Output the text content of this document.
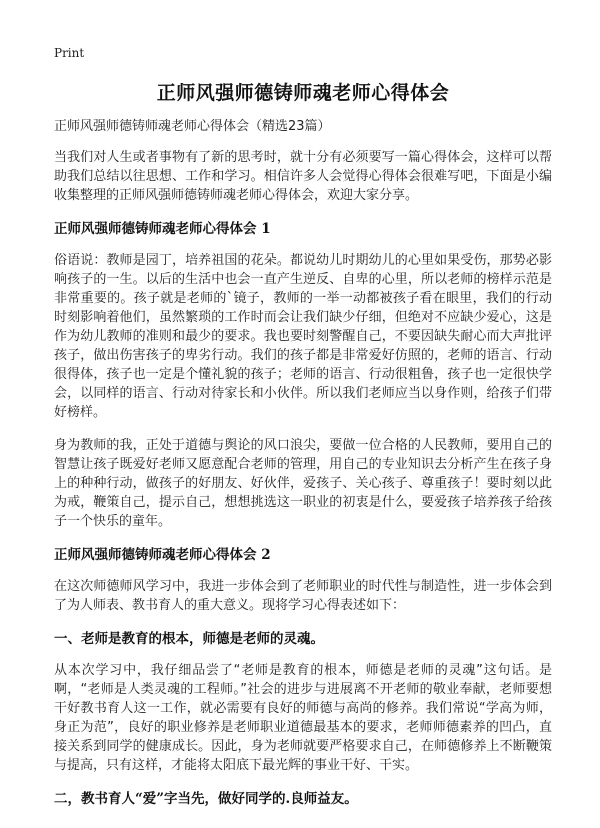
Print
正师风强师德铸师魂老师心得体会

正师风强师德铸师魂老师心得体会（精选23篇）

当我们对人生或者事物有了新的思考时，就十分有必须要写一篇心得体会，这样可以帮助我们总结以往思想、工作和学习。相信许多人会觉得心得体会很难写吧，下面是小编收集整理的正师风强师德铸师魂老师心得体会，欢迎大家分享。

正师风强师德铸师魂老师心得体会 1

俗语说：教师是园丁，培养祖国的花朵。都说幼儿时期幼儿的心里如果受伤，那势必影响孩子的一生。以后的生活中也会一直产生逆反、自卑的心里，所以老师的榜样示范是非常重要的。孩子就是老师的`镜子，教师的一举一动都被孩子看在眼里，我们的行动时刻影响着他们，虽然繁琐的工作时而会让我们缺少仔细，但绝对不应缺少爱心，这是作为幼儿教师的准则和最少的要求。我也要时刻警醒自己，不要因缺失耐心而大声批评孩子，做出伤害孩子的卑劣行动。我们的孩子都是非常爱好仿照的，老师的语言、行动很得体，孩子也一定是个懂礼貌的孩子；老师的语言、行动很粗鲁，孩子也一定很快学会，以同样的语言、行动对待家长和小伙伴。所以我们老师应当以身作则，给孩子们带好榜样。

身为教师的我，正处于道德与舆论的风口浪尖，要做一位合格的人民教师，要用自己的智慧让孩子既爱好老师又愿意配合老师的管理，用自己的专业知识去分析产生在孩子身上的种种行动，做孩子的好朋友、好伙伴，爱孩子、关心孩子、尊重孩子！要时刻以此为戒，鞭策自己，提示自己，想想挑选这一职业的初衷是什么，要爱孩子培养孩子给孩子一个快乐的童年。

正师风强师德铸师魂老师心得体会 2

在这次师德师风学习中，我进一步体会到了老师职业的时代性与制造性，进一步体会到了为人师表、教书育人的重大意义。现将学习心得表述如下：

一、老师是教育的根本，师德是老师的灵魂。

从本次学习中，我仔细品尝了“老师是教育的根本，师德是老师的灵魂”这句话。是啊，“老师是人类灵魂的工程师。”社会的进步与进展离不开老师的敬业奉献，老师要想干好教书育人这一工作，就必需要有良好的师德与高尚的修养。我们常说“学高为师，身正为范”，良好的职业修养是老师职业道德最基本的要求，老师师德素养的凹凸，直接关系到同学的健康成长。因此，身为老师就要严格要求自己，在师德修养上不断鞭策与提高，只有这样，才能将太阳底下最光辉的事业干好、干实。

二，教书育人“爱”字当先，做好同学的.良师益友。
